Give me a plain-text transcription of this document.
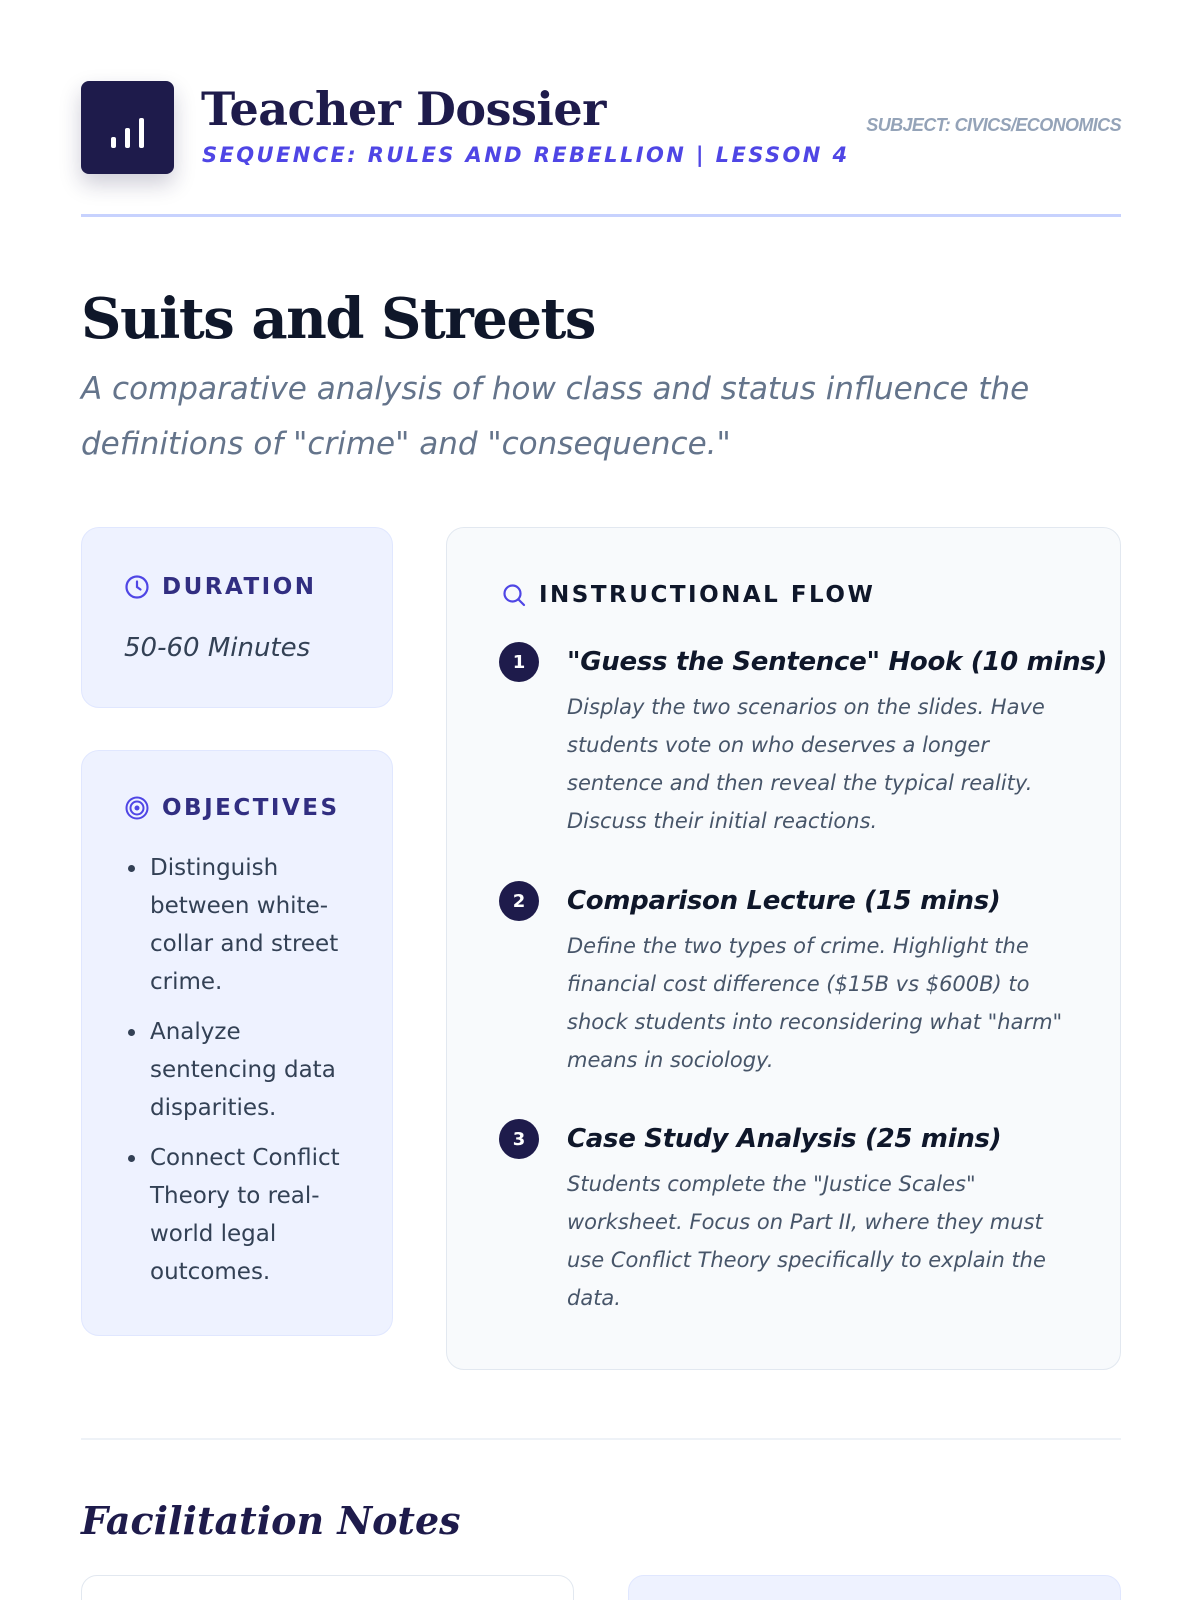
Teacher Dossier
SEQUENCE: RULES AND REBELLION | LESSON 4
SUBJECT: CIVICS/ECONOMICS
Suits and Streets
A comparative analysis of how class and status influence the definitions of "crime" and "consequence."
DURATION
50-60 Minutes
OBJECTIVES
Distinguish between white-collar and street crime.
Analyze sentencing data disparities.
Connect Conflict Theory to real-world legal outcomes.
INSTRUCTIONAL FLOW
1	"Guess the Sentence" Hook (10 mins)
Display the two scenarios on the slides. Have students vote on who deserves a longer sentence and then reveal the typical reality. Discuss their initial reactions.
2	Comparison Lecture (15 mins)
Define the two types of crime. Highlight the financial cost difference ($15B vs $600B) to shock students into reconsidering what "harm" means in sociology.
3	Case Study Analysis (25 mins)
Students complete the "Justice Scales" worksheet. Focus on Part II, where they must use Conflict Theory specifically to explain the data.
Facilitation Notes
